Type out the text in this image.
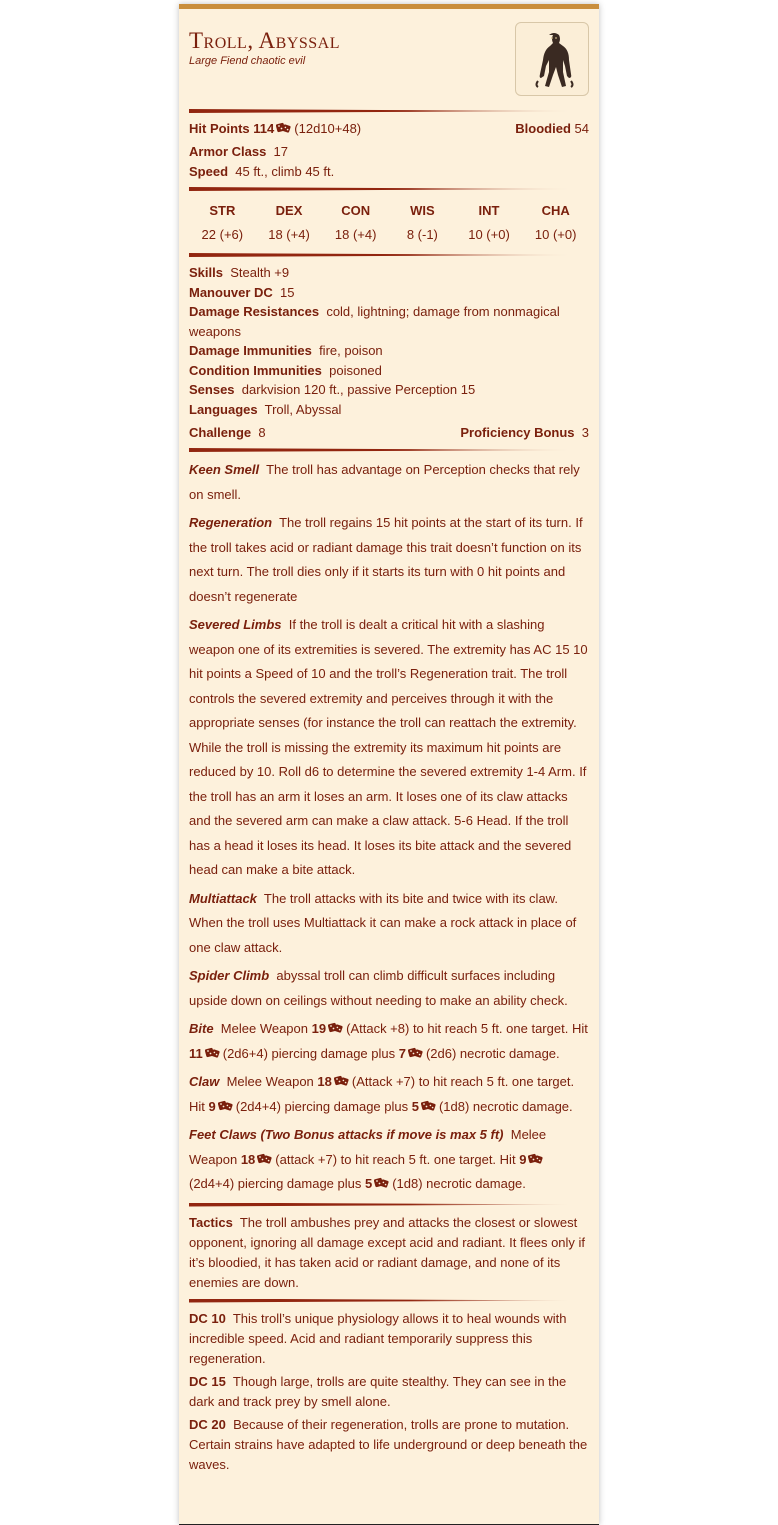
Troll, Abyssal
Large Fiend chaotic evil
Hit Points 114 (12d10+48)	Bloodied 54
Armor Class 17
Speed 45 ft., climb 45 ft.
STR
22 (+6)
DEX
18 (+4)
CON
18 (+4)
WIS
8 (-1)
INT
10 (+0)
CHA
10 (+0)
Skills Stealth +9
Manouver DC 15
Damage Resistances cold, lightning; damage from nonmagical weapons
Damage Immunities fire, poison
Condition Immunities poisoned
Senses darkvision 120 ft., passive Perception 15
Languages Troll, Abyssal
Challenge 8	Proficiency Bonus 3

Keen Smell The troll has advantage on Perception checks that rely on smell.

Regeneration The troll regains 15 hit points at the start of its turn. If the troll takes acid or radiant damage this trait doesn’t function on its next turn. The troll dies only if it starts its turn with 0 hit points and doesn’t regenerate

Severed Limbs If the troll is dealt a critical hit with a slashing weapon one of its extremities is severed. The extremity has AC 15 10 hit points a Speed of 10 and the troll’s Regeneration trait. The troll controls the severed extremity and perceives through it with the appropriate senses (for instance the troll can reattach the extremity. While the troll is missing the extremity its maximum hit points are reduced by 10. Roll d6 to determine the severed extremity 1-4 Arm. If the troll has an arm it loses an arm. It loses one of its claw attacks and the severed arm can make a claw attack. 5-6 Head. If the troll has a head it loses its head. It loses its bite attack and the severed head can make a bite attack.

Multiattack The troll attacks with its bite and twice with its claw. When the troll uses Multiattack it can make a rock attack in place of one claw attack.

Spider Climb abyssal troll can climb difficult surfaces including upside down on ceilings without needing to make an ability check.

Bite Melee Weapon 19 (Attack +8) to hit reach 5 ft. one target. Hit 11 (2d6+4) piercing damage plus 7 (2d6) necrotic damage.

Claw Melee Weapon 18 (Attack +7) to hit reach 5 ft. one target. Hit 9 (2d4+4) piercing damage plus 5 (1d8) necrotic damage.

Feet Claws (Two Bonus attacks if move is max 5 ft) Melee Weapon 18 (attack +7) to hit reach 5 ft. one target. Hit 9(2d4+4) piercing damage plus 5 (1d8) necrotic damage.

Tactics The troll ambushes prey and attacks the closest or slowest opponent, ignoring all damage except acid and radiant. It flees only if it’s bloodied, it has taken acid or radiant damage, and none of its enemies are down.

DC 10 This troll’s unique physiology allows it to heal wounds with incredible speed. Acid and radiant temporarily suppress this regeneration.

DC 15 Though large, trolls are quite stealthy. They can see in the dark and track prey by smell alone.

DC 20 Because of their regeneration, trolls are prone to mutation. Certain strains have adapted to life underground or deep beneath the waves.
